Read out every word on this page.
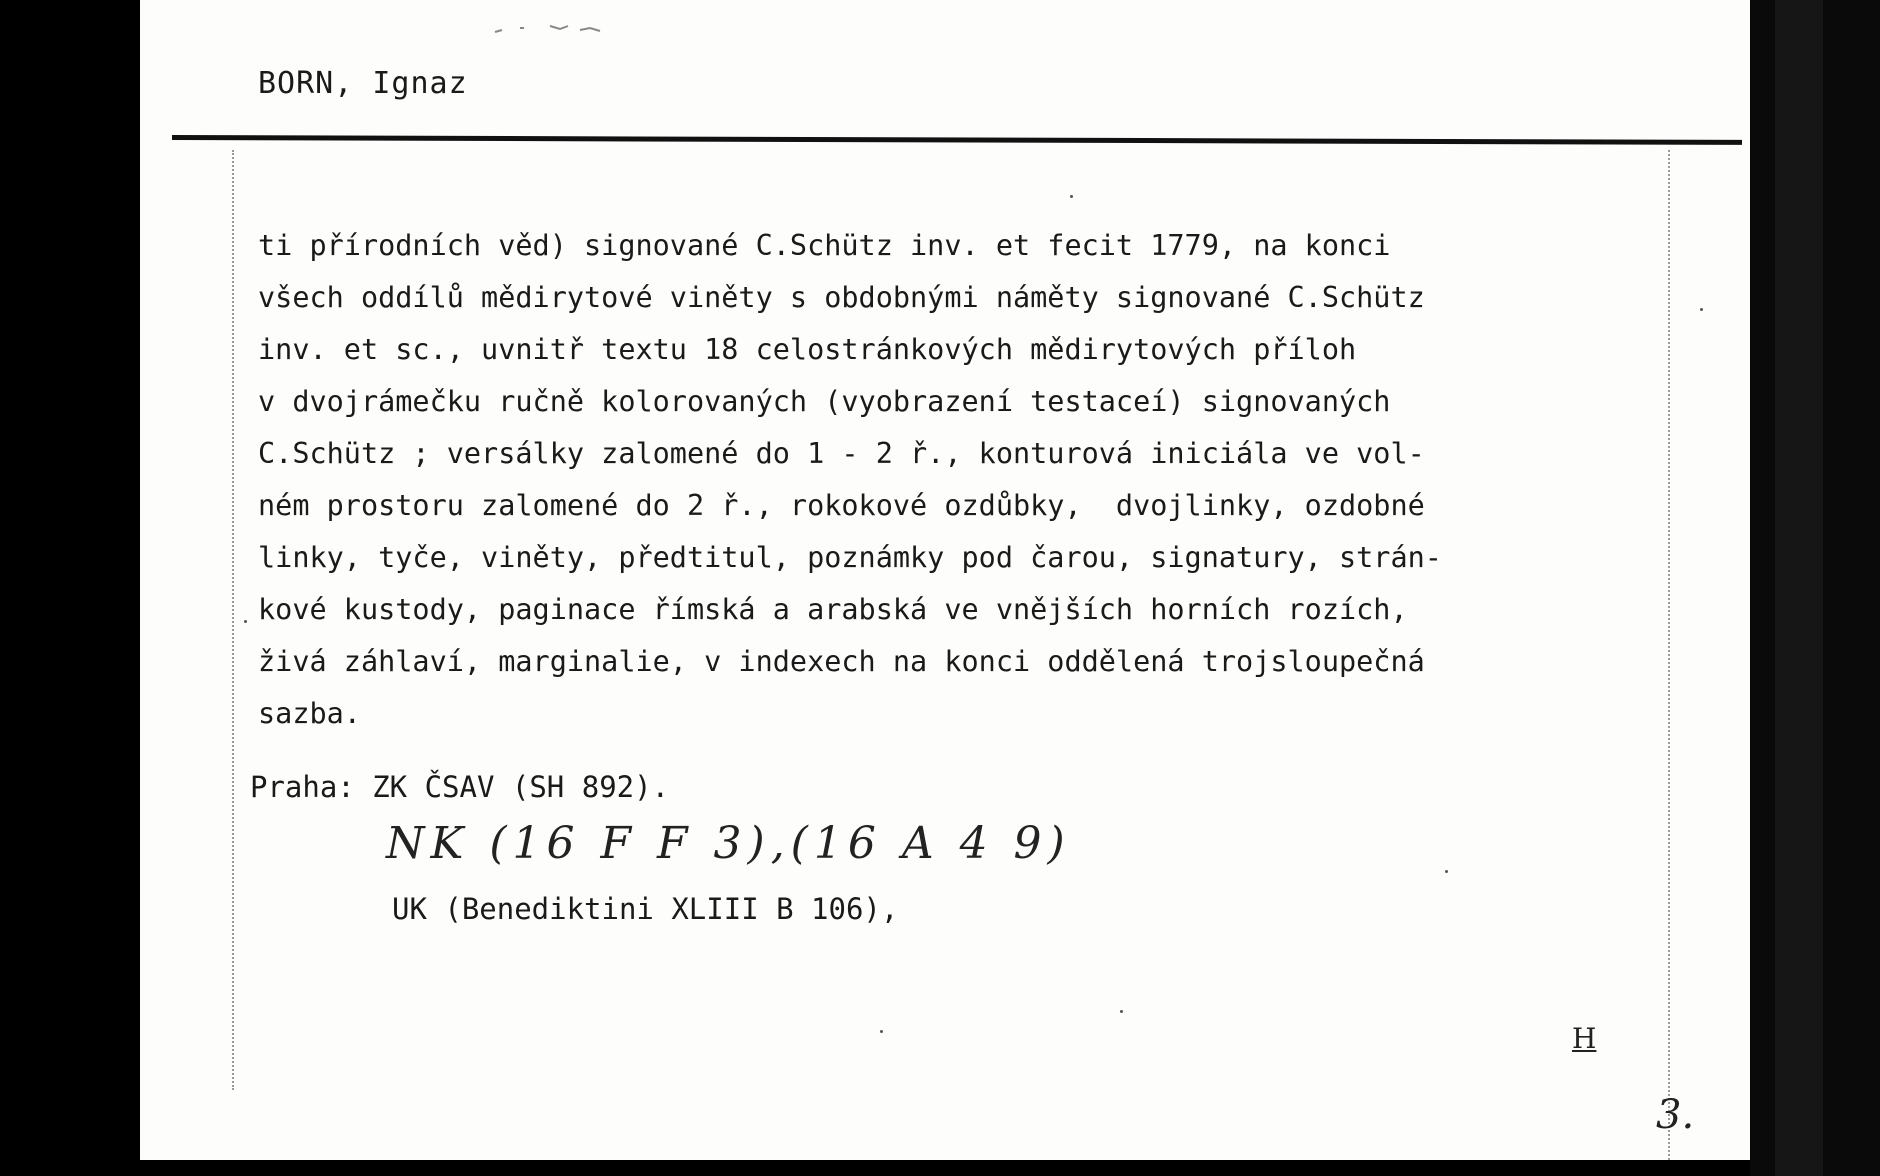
BORN, Ignaz
ti přírodních věd) signované C.Schütz inv. et fecit 1779, na konci
všech oddílů mědirytové viněty s obdobnými náměty signované C.Schütz
inv. et sc., uvnitř textu 18 celostránkových mědirytových příloh
v dvojrámečku ručně kolorovaných (vyobrazení testaceí) signovaných
C.Schütz ; versálky zalomené do 1 - 2 ř., konturová iniciála ve vol-
ném prostoru zalomené do 2 ř., rokokové ozdůbky,  dvojlinky, ozdobné
linky, tyče, viněty, předtitul, poznámky pod čarou, signatury, strán-
kové kustody, paginace římská a arabská ve vnějších horních rozích,
živá záhlaví, marginalie, v indexech na konci oddělená trojsloupečná
sazba.
Praha: ZK ČSAV (SH 892).
NK (16 F F 3),(16 A 4 9)
UK (Benediktini XLIII B 106),
H
3.
